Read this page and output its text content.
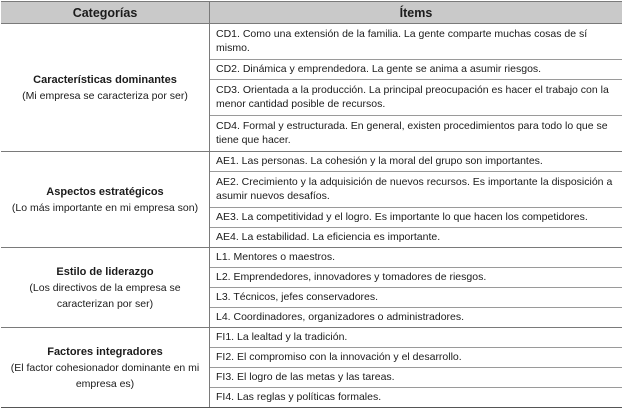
Categorías	Ítems

Características dominantes
(Mi empresa se caracteriza por ser)	CD1. Como una extensión de la familia. La gente comparte muchas cosas de sí mismo.
	CD2. Dinámica y emprendedora. La gente se anima a asumir riesgos.
	CD3. Orientada a la producción. La principal preocupación es hacer el trabajo con la menor cantidad posible de recursos.
	CD4. Formal y estructurada. En general, existen procedimientos para todo lo que se tiene que hacer.

Aspectos estratégicos
(Lo más importante en mi empresa son)	AE1. Las personas. La cohesión y la moral del grupo son importantes.
	AE2. Crecimiento y la adquisición de nuevos recursos. Es importante la disposición a asumir nuevos desafíos.
	AE3. La competitividad y el logro. Es importante lo que hacen los competidores.
	AE4. La estabilidad. La eficiencia es importante.

Estilo de liderazgo
(Los directivos de la empresa se caracterizan por ser)	L1. Mentores o maestros.
	L2. Emprendedores, innovadores y tomadores de riesgos.
	L3. Técnicos, jefes conservadores.
	L4. Coordinadores, organizadores o administradores.

Factores integradores
(El factor cohesionador dominante en mi empresa es)	FI1. La lealtad y la tradición.
	FI2. El compromiso con la innovación y el desarrollo.
	FI3. El logro de las metas y las tareas.
	FI4. Las reglas y políticas formales.
